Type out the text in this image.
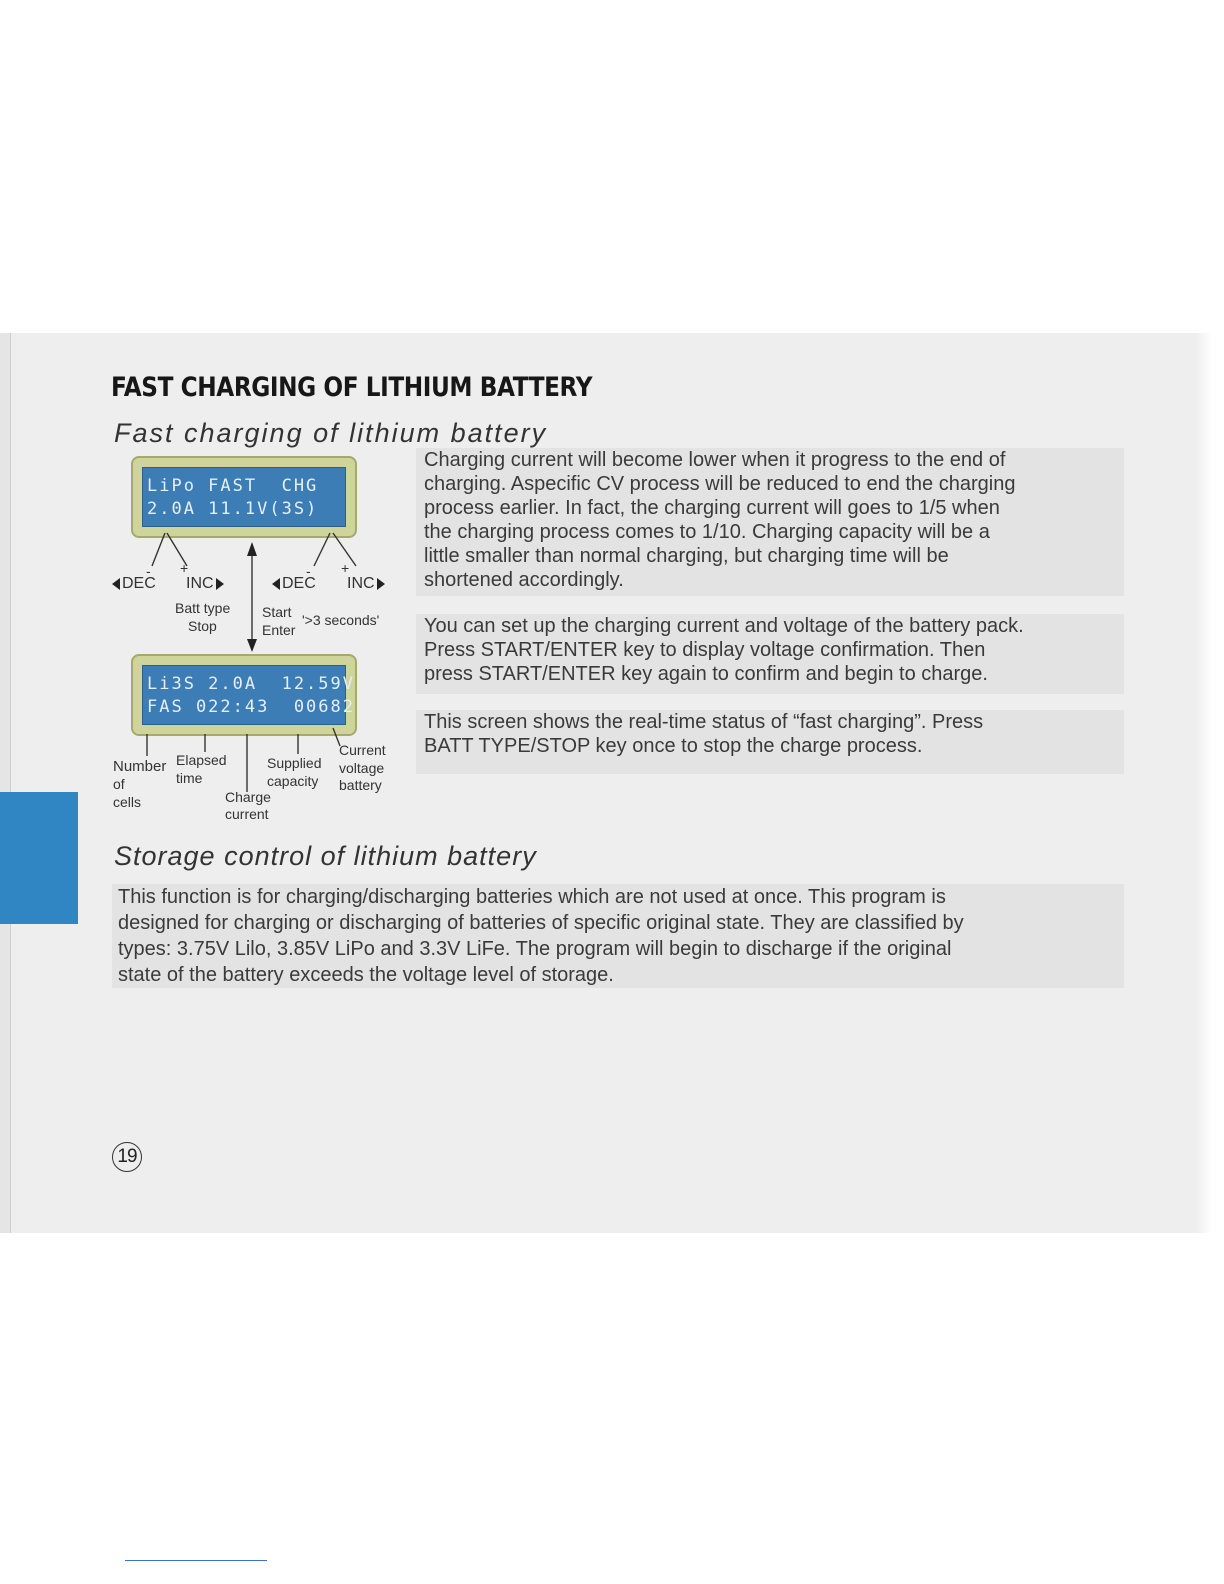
FAST CHARGING OF LITHIUM BATTERY
Fast charging of lithium battery
Storage control of lithium battery
Charging current will become lower when it progress to the end of
charging. Aspecific CV process will be reduced to end the charging
process earlier. In fact, the charging current will goes to 1/5 when
the charging process comes to 1/10. Charging capacity will be a
little smaller than normal charging, but charging time will be
shortened accordingly.
You can set up the charging current and voltage of the battery pack.
Press START/ENTER key to display voltage confirmation. Then
press START/ENTER key again to confirm and begin to charge.
This screen shows the real-time status of “fast charging”. Press
BATT TYPE/STOP key once to stop the charge process.
This function is for charging/discharging batteries which are not used at once. This program is
designed for charging or discharging of batteries of specific original state. They are classified by
types: 3.75V Lilo, 3.85V LiPo and 3.3V LiFe. The program will begin to discharge if the original
state of the battery exceeds the voltage level of storage.
LiPo FAST  CHG
2.0A 11.1V(3S)
Li3S 2.0A  12.59V
FAS 022:43  00682
- +	- +
DEC INC	DEC INC
Batt type
Stop
Start
Enter
'>3 seconds'
Number
of
cells
Elapsed
time
Supplied
capacity
Charge
current
Current
voltage
battery
19
